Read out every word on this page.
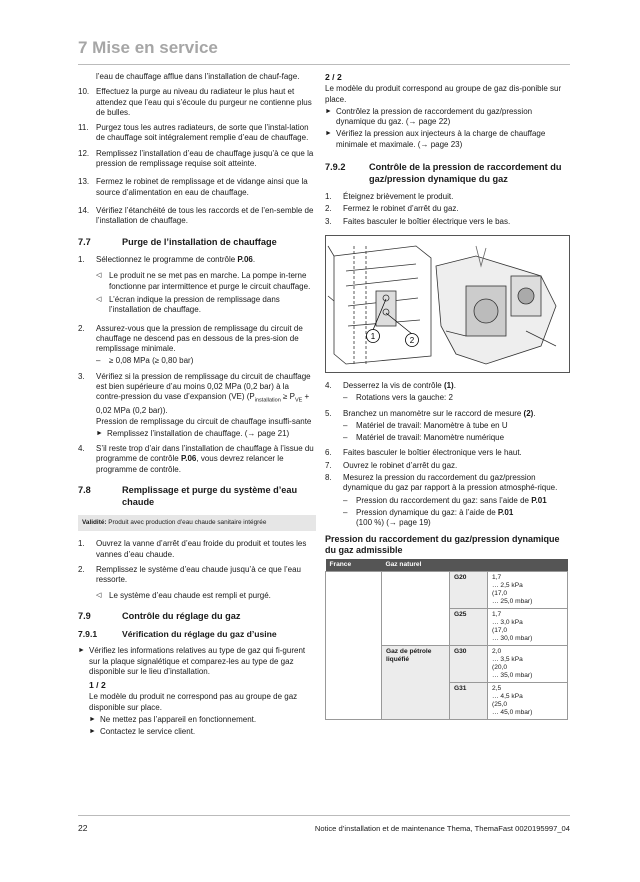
7 Mise en service

l’eau de chauffage afflue dans l’installation de chauf-fage.

10. Effectuez la purge au niveau du radiateur le plus haut et attendez que l’eau qui s’écoule du purgeur ne contienne plus de bulles.
11. Purgez tous les autres radiateurs, de sorte que l’instal-lation de chauffage soit intégralement remplie d’eau de chauffage.
12. Remplissez l’installation d’eau de chauffage jusqu’à ce que la pression de remplissage requise soit atteinte.
13. Fermez le robinet de remplissage et de vidange ainsi que la source d’alimentation en eau de chauffage.
14. Vérifiez l’étanchéité de tous les raccords et de l’en-semble de l’installation de chauffage.
7.7	Purge de l’installation de chauffage
1. Sélectionnez le programme de contrôle P.06.
◁ Le produit ne se met pas en marche. La pompe in-terne fonctionne par intermittence et purge le circuit chauffage.
◁ L’écran indique la pression de remplissage dans l’installation de chauffage.
2. Assurez-vous que la pression de remplissage du circuit de chauffage ne descend pas en dessous de la pres-sion de remplissage minimale.
– ≥ 0,08 MPa (≥ 0,80 bar)
3. Vérifiez si la pression de remplissage du circuit de chauffage est bien supérieure d’au moins 0,02 MPa (0,2 bar) à la contre-pression du vase d’expansion (VE) ($P_{installation} \ge P_{VE} + 0,02$ MPa (0,2 bar)).

Pression de remplissage du circuit de chauffage insuffi-sante

► Remplissez l’installation de chauffage. (→ page 21)
4. S’il reste trop d’air dans l’installation de chauffage à l’issue du programme de contrôle P.06, vous devrez relancer le programme de contrôle.
7.8	Remplissage et purge du système d’eau chaude
Validité: Produit avec production d’eau chaude sanitaire intégrée
1. Ouvrez la vanne d’arrêt d’eau froide du produit et toutes les vannes d’eau chaude.
2. Remplissez le système d’eau chaude jusqu’à ce que l’eau ressorte.
◁ Le système d’eau chaude est rempli et purgé.
7.9	Contrôle du réglage du gaz
7.9.1	Vérification du réglage du gaz d’usine
► Vérifiez les informations relatives au type de gaz qui fi-gurent sur la plaque signalétique et comparez-les au type de gaz disponible sur le lieu d’installation.
1 / 2

Le modèle du produit ne correspond pas au groupe de gaz disponible sur place.

► Ne mettez pas l’appareil en fonctionnement.
► Contactez le service client.
2 / 2

Le modèle du produit correspond au groupe de gaz dis-ponible sur place.

► Contrôlez la pression de raccordement du gaz/pression dynamique du gaz. (→ page 22)
► Vérifiez la pression aux injecteurs à la charge de chauffage minimale et maximale. (→ page 23)
7.9.2	Contrôle de la pression de raccordement du gaz/pression dynamique du gaz
1. Éteignez brièvement le produit.
2. Fermez le robinet d’arrêt du gaz.
3. Faites basculer le boîtier électrique vers le bas.
1	2
4. Desserrez la vis de contrôle (1).
– Rotations vers la gauche: 2
5. Branchez un manomètre sur le raccord de mesure (2).
– Matériel de travail: Manomètre à tube en U
– Matériel de travail: Manomètre numérique
6. Faites basculer le boîtier électronique vers le haut.
7. Ouvrez le robinet d’arrêt du gaz.
8. Mesurez la pression du raccordement du gaz/pression dynamique du gaz par rapport à la pression atmosphé-rique.
– Pression du raccordement du gaz: sans l’aide de P.01
– Pression dynamique du gaz: à l’aide de P.01
(100 %) (→ page 19)
Pression du raccordement du gaz/pression dynamique du gaz admissible
France	Gaz naturel		
		G20	1,7
… 2,5 kPa
(17,0
… 25,0 mbar)

		G25	1,7
… 3,0 kPa
(17,0
… 30,0 mbar)

	Gaz de pétrole liquéfié	G30	2,0
… 3,5 kPa
(20,0
… 35,0 mbar)

		G31	2,5
… 4,5 kPa
(25,0
… 45,0 mbar)
22	Notice d’installation et de maintenance Thema, ThemaFast 0020195997_04
